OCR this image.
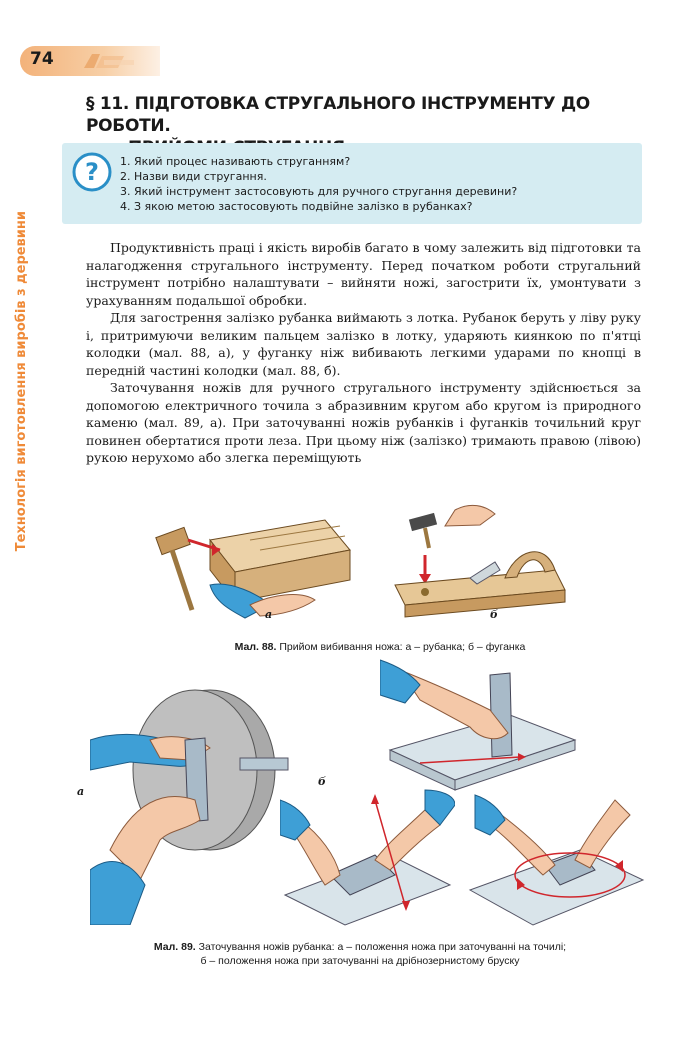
74
Технологія виготовлення виробів з деревини
§ 11. ПІДГОТОВКА СТРУГАЛЬНОГО ІНСТРУМЕНТУ ДО РОБОТИ.
? 1. Який процес називають струганням?
2. Назви види стругання.
3. Який інструмент застосовують для ручного стругання деревини?
4. З якою метою застосовують подвійне залізко в рубанках?

Продуктивність праці і якість виробів багато в чому залежить від підготовки та налагодження стругального інструменту. Перед початком роботи стругальний інструмент потрібно налаштувати – вийняти ножі, загострити їх, умонтувати з урахуванням подальшої обробки.

Для загострення залізко рубанка виймають з лотка. Рубанок беруть у ліву руку і, притримуючи великим пальцем залізко в лотку, ударяють киянкою по п'ятці колодки (мал. 88, а), у фуганку ніж вибивають легкими ударами по кнопці в передній частині колодки (мал. 88, б).

Заточування ножів для ручного стругального інструменту здійснюється за допомогою електричного точила з абразивним кругом або кругом із природного каменю (мал. 89, а). При заточуванні ножів рубанків і фуганків точильний круг повинен обертатися проти леза. При цьому ніж (залізко) тримають правою (лівою) рукою нерухомо або злегка переміщують

а	б
Мал. 88. Прийом вибивання ножа: а – рубанка; б – фуганка
а
б
Мал. 89. Заточування ножів рубанка: а – положення ножа при заточуванні на точилі;
б – положення ножа при заточуванні на дрібнозернистому бруску
